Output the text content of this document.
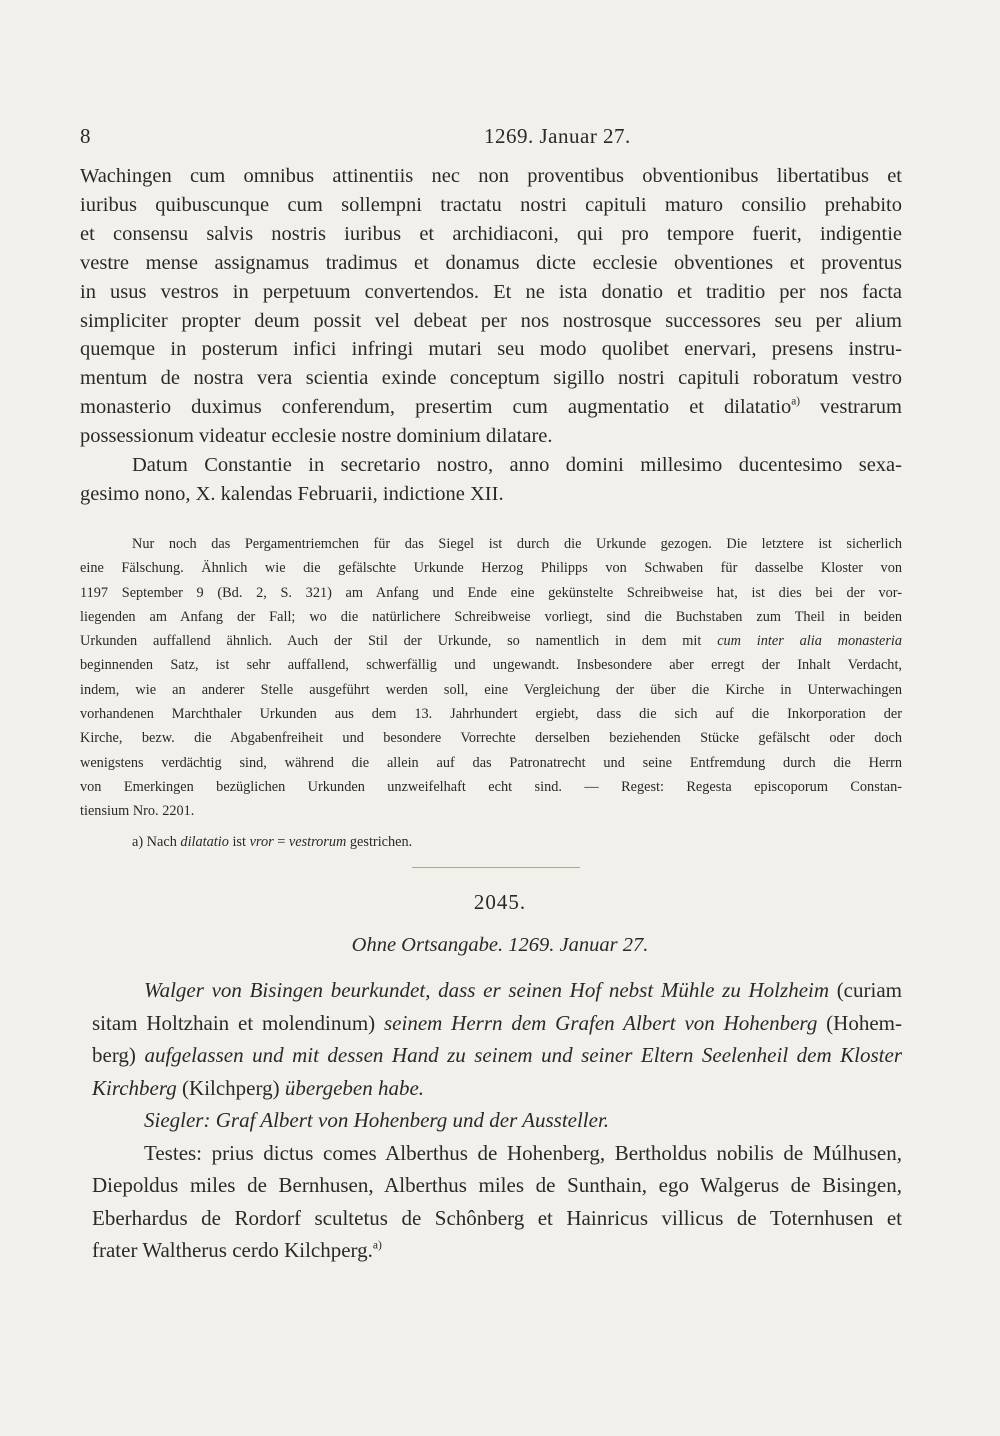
8	1269. Januar 27.

Wachingen cum omnibus attinentiis nec non proventibus obventionibus libertatibus et

iuribus quibuscunque cum sollempni tractatu nostri capituli maturo consilio prehabito

et consensu salvis nostris iuribus et archidiaconi, qui pro tempore fuerit, indigentie

vestre mense assignamus tradimus et donamus dicte ecclesie obventiones et proventus

in usus vestros in perpetuum convertendos. Et ne ista donatio et traditio per nos facta

simpliciter propter deum possit vel debeat per nos nostrosque successores seu per alium

quemque in posterum infici infringi mutari seu modo quolibet enervari, presens instru-

mentum de nostra vera scientia exinde conceptum sigillo nostri capituli roboratum vestro

monasterio duximus conferendum, presertim cum augmentatio et dilatatio$^{a)}$ vestrarum

possessionum videatur ecclesie nostre dominium dilatare.

Datum Constantie in secretario nostro, anno domini millesimo ducentesimo sexa-

gesimo nono, X. kalendas Februarii, indictione XII.

Nur noch das Pergamentriemchen für das Siegel ist durch die Urkunde gezogen. Die letztere ist sicherlich

eine Fälschung. Ähnlich wie die gefälschte Urkunde Herzog Philipps von Schwaben für dasselbe Kloster von

1197 September 9 (Bd. 2, S. 321) am Anfang und Ende eine gekünstelte Schreibweise hat, ist dies bei der vor-

liegenden am Anfang der Fall; wo die natürlichere Schreibweise vorliegt, sind die Buchstaben zum Theil in beiden

Urkunden auffallend ähnlich. Auch der Stil der Urkunde, so namentlich in dem mit cum inter alia monasteria

beginnenden Satz, ist sehr auffallend, schwerfällig und ungewandt. Insbesondere aber erregt der Inhalt Verdacht,

indem, wie an anderer Stelle ausgeführt werden soll, eine Vergleichung der über die Kirche in Unterwachingen

vorhandenen Marchthaler Urkunden aus dem 13. Jahrhundert ergiebt, dass die sich auf die Inkorporation der

Kirche, bezw. die Abgabenfreiheit und besondere Vorrechte derselben beziehenden Stücke gefälscht oder doch

wenigstens verdächtig sind, während die allein auf das Patronatrecht und seine Entfremdung durch die Herrn

von Emerkingen bezüglichen Urkunden unzweifelhaft echt sind. — Regest: Regesta episcoporum Constan-

tiensium Nro. 2201.

a) Nach dilatatio ist vror = vestrorum gestrichen.

2045.
Ohne Ortsangabe. 1269. Januar 27.

Walger von Bisingen beurkundet, dass er seinen Hof nebst Mühle zu Holzheim (curiam

sitam Holtzhain et molendinum) seinem Herrn dem Grafen Albert von Hohenberg (Hohem-

berg) aufgelassen und mit dessen Hand zu seinem und seiner Eltern Seelenheil dem Kloster

Kirchberg (Kilchperg) übergeben habe.

Siegler: Graf Albert von Hohenberg und der Aussteller.

Testes: prius dictus comes Alberthus de Hohenberg, Bertholdus nobilis de Múlhusen,

Diepoldus miles de Bernhusen, Alberthus miles de Sunthain, ego Walgerus de Bisingen,

Eberhardus de Rordorf scultetus de Schônberg et Hainricus villicus de Toternhusen et

frater Waltherus cerdo Kilchperg.$^{a)}$
